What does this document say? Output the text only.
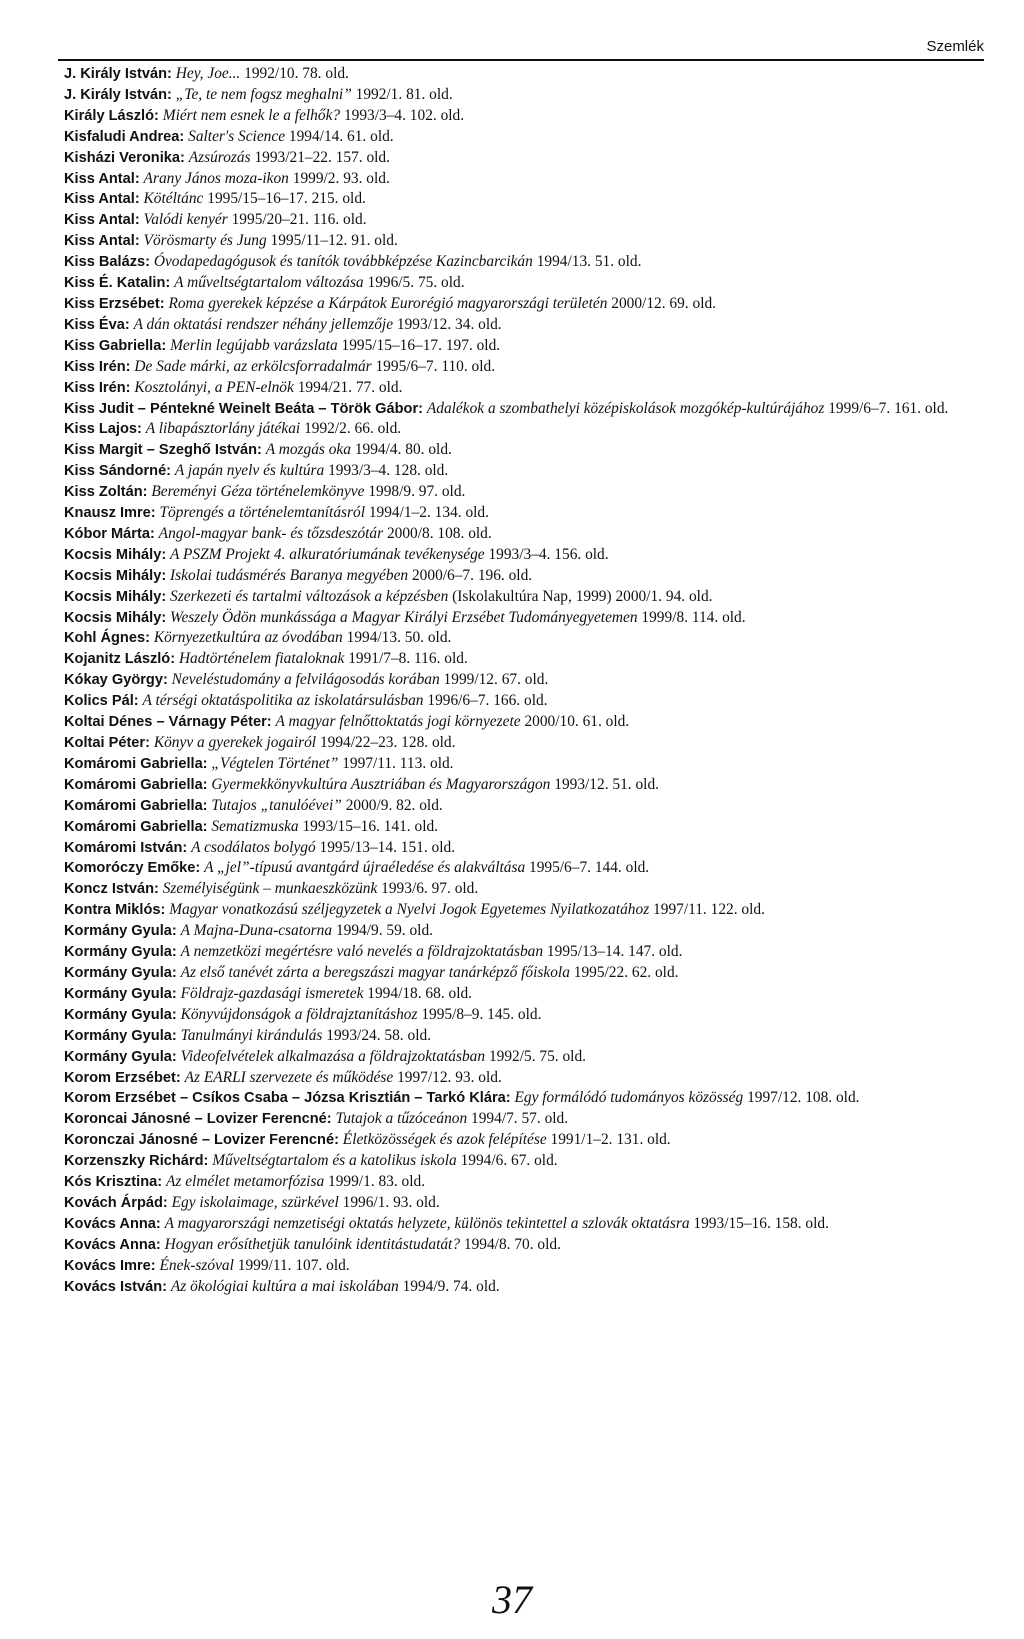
Szemlék
J. Király István: Hey, Joe... 1992/10. 78. old.
J. Király István: „Te, te nem fogsz meghalni” 1992/1. 81. old.
Király László: Miért nem esnek le a felhők? 1993/3–4. 102. old.
Kisfaludi Andrea: Salter's Science 1994/14. 61. old.
Kisházi Veronika: Azsúrozás 1993/21–22. 157. old.
Kiss Antal: Arany János moza-ikon 1999/2. 93. old.
Kiss Antal: Kötéltánc 1995/15–16–17. 215. old.
Kiss Antal: Valódi kenyér 1995/20–21. 116. old.
Kiss Antal: Vörösmarty és Jung 1995/11–12. 91. old.
Kiss Balázs: Óvodapedagógusok és tanítók továbbképzése Kazincbarcikán 1994/13. 51. old.
Kiss É. Katalin: A műveltségtartalom változása 1996/5. 75. old.
Kiss Erzsébet: Roma gyerekek képzése a Kárpátok Eurorégió magyarországi területén 2000/12. 69. old.
Kiss Éva: A dán oktatási rendszer néhány jellemzője 1993/12. 34. old.
Kiss Gabriella: Merlin legújabb varázslata 1995/15–16–17. 197. old.
Kiss Irén: De Sade márki, az erkölcsforradalmár 1995/6–7. 110. old.
Kiss Irén: Kosztolányi, a PEN-elnök 1994/21. 77. old.
Kiss Judit – Péntekné Weinelt Beáta – Török Gábor: Adalékok a szombathelyi középiskolások mozgókép-kultúrájához 1999/6–7. 161. old.
Kiss Lajos: A libapásztorlány játékai 1992/2. 66. old.
Kiss Margit – Szeghő István: A mozgás oka 1994/4. 80. old.
Kiss Sándorné: A japán nyelv és kultúra 1993/3–4. 128. old.
Kiss Zoltán: Bereményi Géza történelemkönyve 1998/9. 97. old.
Knausz Imre: Töprengés a történelemtanításról 1994/1–2. 134. old.
Kóbor Márta: Angol-magyar bank- és tőzsdeszótár 2000/8. 108. old.
Kocsis Mihály: A PSZM Projekt 4. alkuratóriumának tevékenysége 1993/3–4. 156. old.
Kocsis Mihály: Iskolai tudásmérés Baranya megyében 2000/6–7. 196. old.
Kocsis Mihály: Szerkezeti és tartalmi változások a képzésben (Iskolakultúra Nap, 1999) 2000/1. 94. old.
Kocsis Mihály: Weszely Ödön munkássága a Magyar Királyi Erzsébet Tudományegyetemen 1999/8. 114. old.
Kohl Ágnes: Környezetkultúra az óvodában 1994/13. 50. old.
Kojanitz László: Hadtörténelem fiataloknak 1991/7–8. 116. old.
Kókay György: Neveléstudomány a felvilágosodás korában 1999/12. 67. old.
Kolics Pál: A térségi oktatáspolitika az iskolatársulásban 1996/6–7. 166. old.
Koltai Dénes – Várnagy Péter: A magyar felnőttoktatás jogi környezete 2000/10. 61. old.
Koltai Péter: Könyv a gyerekek jogairól 1994/22–23. 128. old.
Komáromi Gabriella: „Végtelen Történet” 1997/11. 113. old.
Komáromi Gabriella: Gyermekkönyvkultúra Ausztriában és Magyarországon 1993/12. 51. old.
Komáromi Gabriella: Tutajos „tanulóévei” 2000/9. 82. old.
Komáromi Gabriella: Sematizmuska 1993/15–16. 141. old.
Komáromi István: A csodálatos bolygó 1995/13–14. 151. old.
Komoróczy Emőke: A „jel”-típusú avantgárd újraéledése és alakváltása 1995/6–7. 144. old.
Koncz István: Személyiségünk – munkaeszközünk 1993/6. 97. old.
Kontra Miklós: Magyar vonatkozású széljegyzetek a Nyelvi Jogok Egyetemes Nyilatkozatához 1997/11. 122. old.
Kormány Gyula: A Majna-Duna-csatorna 1994/9. 59. old.
Kormány Gyula: A nemzetközi megértésre való nevelés a földrajzoktatásban 1995/13–14. 147. old.
Kormány Gyula: Az első tanévét zárta a beregszászi magyar tanárképző főiskola 1995/22. 62. old.
Kormány Gyula: Földrajz-gazdasági ismeretek 1994/18. 68. old.
Kormány Gyula: Könyvújdonságok a földrajztanításhoz 1995/8–9. 145. old.
Kormány Gyula: Tanulmányi kirándulás 1993/24. 58. old.
Kormány Gyula: Videofelvételek alkalmazása a földrajzoktatásban 1992/5. 75. old.
Korom Erzsébet: Az EARLI szervezete és működése 1997/12. 93. old.
Korom Erzsébet – Csíkos Csaba – Józsa Krisztián – Tarkó Klára: Egy formálódó tudományos közösség 1997/12. 108. old.
Koroncai Jánosné – Lovizer Ferencné: Tutajok a tűzóceánon 1994/7. 57. old.
Koronczai Jánosné – Lovizer Ferencné: Életközösségek és azok felépítése 1991/1–2. 131. old.
Korzenszky Richárd: Műveltségtartalom és a katolikus iskola 1994/6. 67. old.
Kós Krisztina: Az elmélet metamorfózisa 1999/1. 83. old.
Kovách Árpád: Egy iskolaimage, szürkével 1996/1. 93. old.
Kovács Anna: A magyarországi nemzetiségi oktatás helyzete, különös tekintettel a szlovák oktatásra 1993/15–16. 158. old.
Kovács Anna: Hogyan erősíthetjük tanulóink identitástudatát? 1994/8. 70. old.
Kovács Imre: Ének-szóval 1999/11. 107. old.
Kovács István: Az ökológiai kultúra a mai iskolában 1994/9. 74. old.
37
